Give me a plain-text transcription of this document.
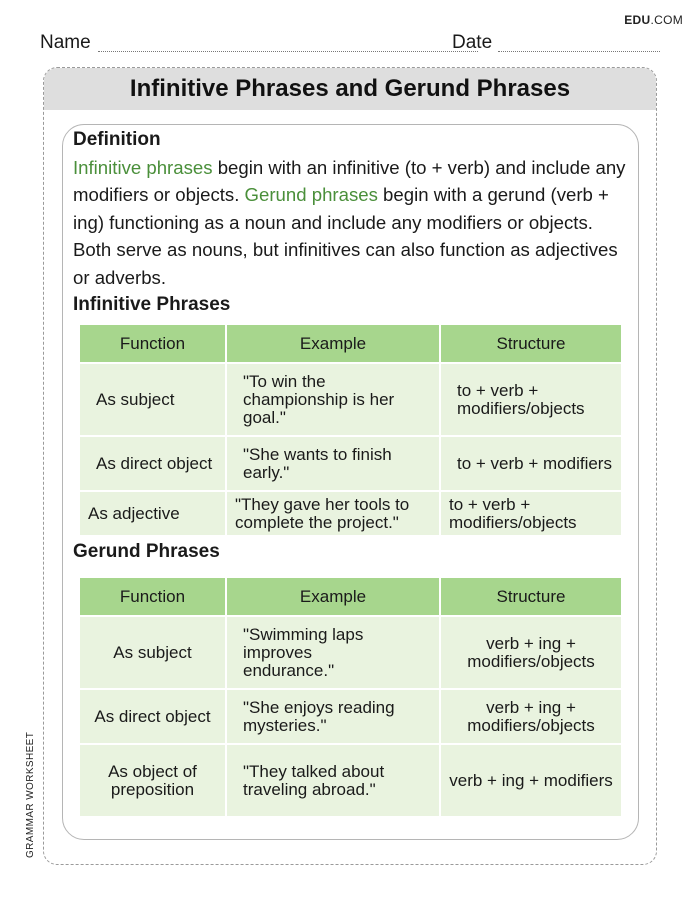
EDU.COM
Name	Date
GRAMMAR WORKSHEET
Infinitive Phrases and Gerund Phrases
Definition
Infinitive phrases begin with an infinitive (to + verb) and include any modifiers or objects. Gerund phrases begin with a gerund (verb + ing) functioning as a noun and include any modifiers or objects. Both serve as nouns, but infinitives can also function as adjectives or adverbs.
Infinitive Phrases
Function	Example	Structure
As subject	"To win the championship is her goal."	to + verb + modifiers/objects
As direct object	"She wants to finish early."	to + verb + modifiers
As adjective	"They gave her tools to complete the project."	to + verb + modifiers/objects
Gerund Phrases
Function	Example	Structure
As subject	"Swimming laps improves endurance."	verb + ing + modifiers/objects
As direct object	"She enjoys reading mysteries."	verb + ing + modifiers/objects
As object of preposition	"They talked about traveling abroad."	verb + ing + modifiers
